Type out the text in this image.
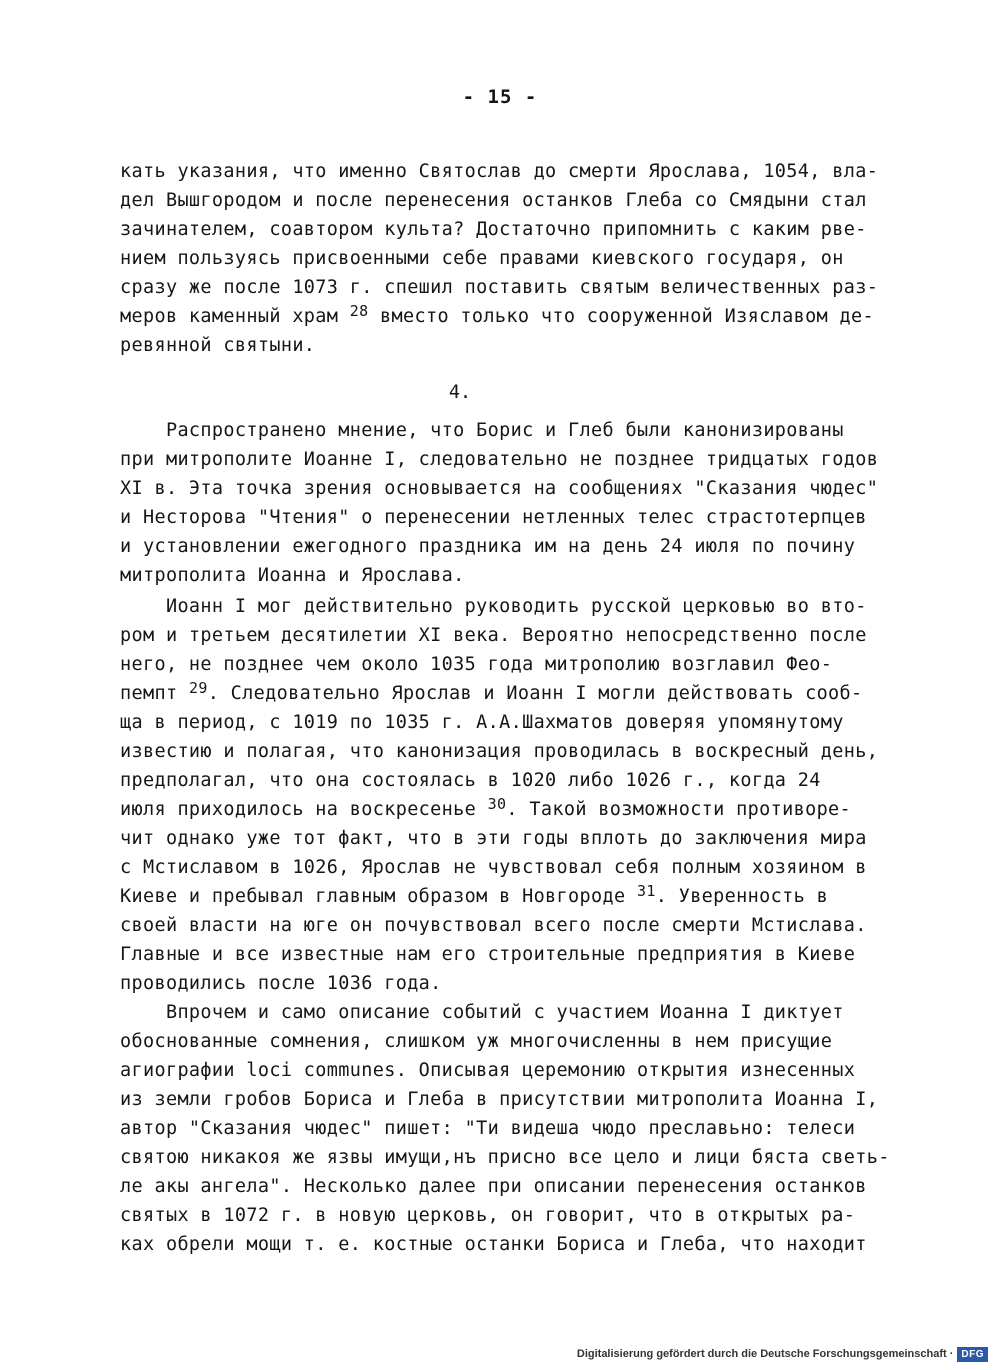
- 15 -
4.
кать указания, что именно Святослав до смерти Ярослава, 1054, вла-
дел Вышгородом и после перенесения останков Глеба со Смядыни стал
зачинателем, соавтором культа? Достаточно припомнить с каким рве-
нием пользуясь присвоенными себе правами киевского государя, он
сразу же после 1073 г. спешил поставить святым величественных раз-
меров каменный храм $^{28}$ вместо только что сооруженной Изяславом де-
ревянной святыни.
Распространено мнение, что Борис и Глеб были канонизированы
при митрополите Иоанне I, следовательно не позднее тридцатых годов
XI в. Эта точка зрения основывается на сообщениях "Сказания чюдес"
и Несторова "Чтения" о перенесении нетленных телес страстотерпцев
и установлении ежегодного праздника им на день 24 июля по почину
митрополита Иоанна и Ярослава.
Иоанн I мог действительно руководить русской церковью во вто-
ром и третьем десятилетии XI века. Вероятно непосредственно после
него, не позднее чем около 1035 года митрополию возглавил Фео-
пемпт $^{29}$. Следовательно Ярослав и Иоанн I могли действовать сооб-
ща в период, с 1019 по 1035 г. А.А.Шахматов доверяя упомянутому
известию и полагая, что канонизация проводилась в воскресный день,
предполагал, что она состоялась в 1020 либо 1026 г., когда 24
июля приходилось на воскресенье $^{30}$. Такой возможности противоре-
чит однако уже тот факт, что в эти годы вплоть до заключения мира
с Мстиславом в 1026, Ярослав не чувствовал себя полным хозяином в
Киеве и пребывал главным образом в Новгороде $^{31}$. Уверенность в
своей власти на юге он почувствовал всего после смерти Мстислава.
Главные и все известные нам его строительные предприятия в Киеве
проводились после 1036 года.
Впрочем и само описание событий с участием Иоанна I диктует
обоснованные сомнения, слишком уж многочисленны в нем присущие
агиографии loci communes. Описывая церемонию открытия изнесенных
из земли гробов Бориса и Глеба в присутствии митрополита Иоанна I,
автор "Сказания чюдес" пишет: "Ти видеша чюдо преславьно: телеси
святою никакоя же язвы имущи,нъ присно все цело и лици бяста светь-
ле акы ангела". Несколько далее при описании перенесения останков
святых в 1072 г. в новую церковь, он говорит, что в открытых ра-
ках обрели мощи т. е. костные останки Бориса и Глеба, что находит
Digitalisierung gefördert durch die Deutsche Forschungsgemeinschaft · DFG
